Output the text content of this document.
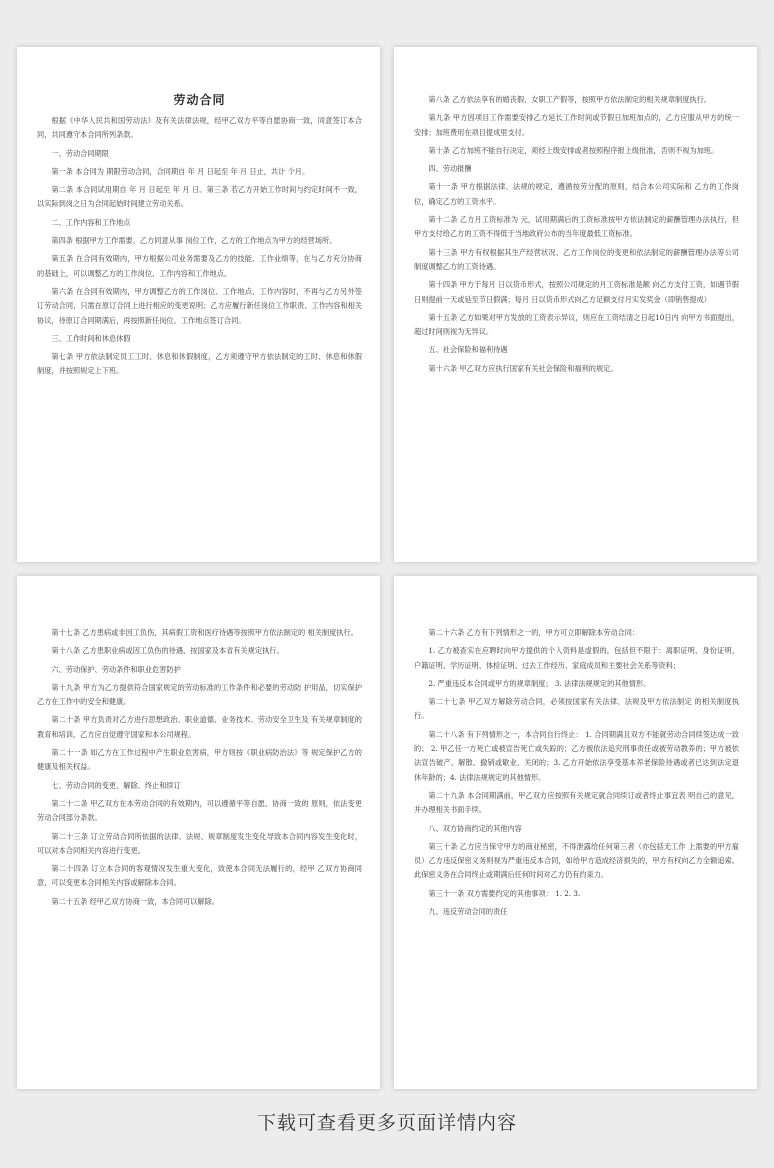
劳动合同

根据《中华人民共和国劳动法》及有关法律法规，经甲乙双方平等自愿协商一致，同意签订本合同，共同遵守本合同所列条款。

一、劳动合同期限

第一条 本合同为 期限劳动合同，合同期自 年 月 日起至 年 月 日止，共计 个月。

第二条 本合同试用期自 年 月 日起至 年 月 日。第三条 若乙方开始工作时间与约定时间不一致，以实际到岗之日为合同起始时间建立劳动关系。

二、工作内容和工作地点

第四条 根据甲方工作需要，乙方同意从事 岗位工作，乙方的工作地点为甲方的经营场所。

第五条 在合同有效期内，甲方根据公司业务需要及乙方的技能、工作业绩等，在与乙方充分协商的基础上，可以调整乙方的工作岗位、工作内容和工作地点。

第六条 在合同有效期内，甲方调整乙方的工作岗位、工作地点、工作内容时，不再与乙方另外签订劳动合同，只需在原订合同上进行相应的变更说明；乙方应履行新任岗位工作职责、工作内容和相关协议，待原订合同期满后，再按照新任岗位、工作地点签订合同。

三、工作时间和休息休假

第七条 甲方依法制定员工工时、休息和休假制度，乙方须遵守甲方依法制定的工时、休息和休假制度，并按照规定上下班。

第八条 乙方依法享有的婚丧假、女职工产假等，按照甲方依法制定的相关规章制度执行。

第九条 甲方因项目工作需要安排乙方延长工作时间或节假日加班加点的，乙方应服从甲方的统一安排；加班费用在项目提成里支付。

第十条 乙方加班不能自行决定，须经上级安排或者按照程序报上级批准，否则不视为加班。

四、劳动报酬

第十一条 甲方根据法律、法规的规定，遵循按劳分配的原则，结合本公司实际和 乙方的工作岗位，确定乙方的工资水平。

第十二条 乙方月工资标准为 元，试用期满后的工资标准按甲方依法制定的薪酬管理办法执行，但甲方支付给乙方的工资不得低于当地政府公布的当年度最低工资标准。

第十三条 甲方有权根据其生产经营状况、乙方工作岗位的变更和依法制定的薪酬管理办法等公司制度调整乙方的工资待遇。

第十四条 甲方于每月 日以货币形式，按照公司规定的月工资标准是额 向乙方支付工资，如遇节假日则提前一天或延至节日假满；每月 日以货币形式向乙方足额支付月实发奖金（即销售提成）

第十五条 乙方如果对甲方发放的工资表示异议，则应在工资结清之日起10日内 向甲方书面提出，超过时间则视为无异议。

五、社会保险和福利待遇

第十六条 甲乙双方应执行国家有关社会保险和福利的规定。

第十七条 乙方患病或非因工负伤，其病假工资和医疗待遇等按照甲方依法制定的 相关制度执行。

第十八条 乙方患职业病或因工负伤的待遇，按国家及本省有关规定执行。

六、劳动保护、劳动条件和职业危害防护

第十九条 甲方为乙方提供符合国家规定的劳动标准的工作条件和必要的劳动防 护用品，切实保护乙方在工作中的安全和健康。

第二十条 甲方负责对乙方进行思想政治、职业道德、业务技术、劳动安全卫生及 有关规章制度的教育和培训，乙方应自觉遵守国家和本公司规程。

第二十一条 如乙方在工作过程中产生职业危害病，甲方则按《职业病防治法》等 规定保护乙方的健康及相关权益。

七、劳动合同的变更、解除、终止和续订

第二十二条 甲乙双方在本劳动合同的有效期内，可以遵循平等自愿、协商一致的 原则，依法变更劳动合同部分条款。

第二十三条 订立劳动合同所依据的法律、法规、规章制度发生变化导致本合同内容发生变化时，可以对本合同相关内容进行变更。

第二十四条 订立本合同的客观情况发生重大变化，致使本合同无法履行的，经甲 乙双方协商同意，可以变更本合同相关内容或解除本合同。

第二十五条 经甲乙双方协商一致，本合同可以解除。

第二十六条 乙方有下列情形之一的，甲方可立即解除本劳动合同：

1. 乙方被查实在应聘时向甲方提供的个人资料是虚假的，包括但不限于：离职证明、身份证明、户籍证明、学历证明、体检证明、过去工作经历、家庭成员和主要社会关系等资料；

2. 严重违反本合同或甲方的规章制度； 3. 法律法规规定的其他情形。

第二十七条 甲乙双方解除劳动合同，必须按国家有关法律、法规及甲方依法制定 的相关制度执行。

第二十八条 有下列情形之一，本合同自行终止： 1. 合同期满且双方不能就劳动合同续签达成一致的； 2. 甲乙任一方死亡或被宣告死亡或失踪的；乙方被依法追究刑事责任或被劳动教养的；甲方被依法宣告破产、解散、撤销或歇业、关闭的；3. 乙方开始依法享受基本养老保险待遇或者已达到法定退休年龄的；4. 法律法规规定的其他情形。

第二十九条 本合同期满前，甲乙双方应按照有关规定就合同续订或者终止事宜表 明自己的意见，并办理相关书面手续。

八、双方协商约定的其他内容

第三十条 乙方应当保守甲方的商业秘密，不得泄露给任何第三者（亦包括无工作 上需要的甲方雇员）乙方违反保密义务则视为严重违反本合同，如给甲方造成经济损失的，甲方有权向乙方全额追索。此保密义务在合同终止或期满后任何时间对乙方仍有约束力。

第三十一条 双方需要约定的其他事项： 1. 2. 3.

九、违反劳动合同的责任

下载可查看更多页面详情内容
